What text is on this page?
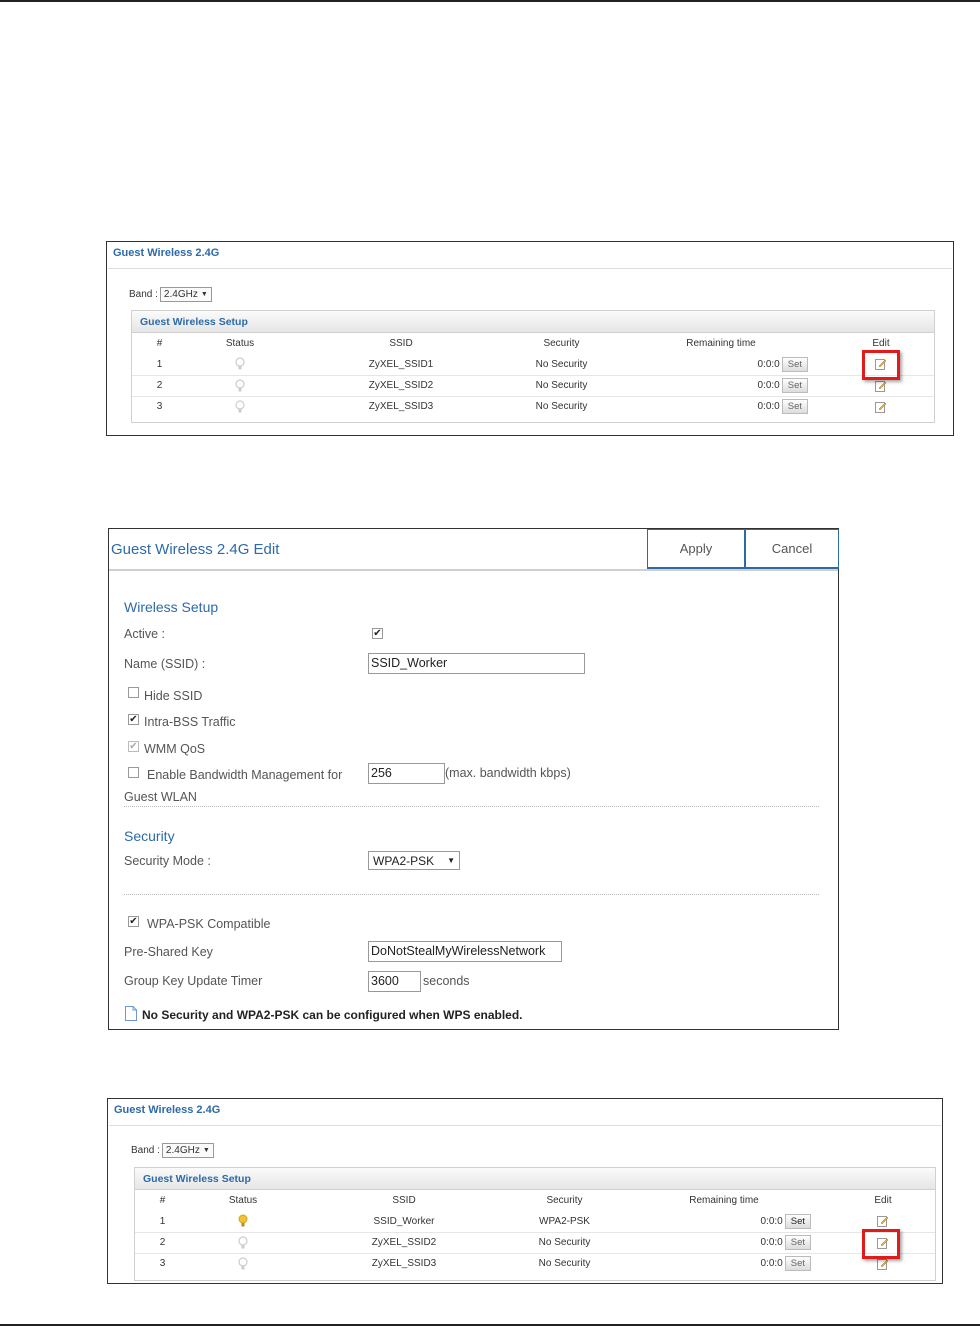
Guest Wireless 2.4G
Band : 2.4GHz ▼
Guest Wireless Setup
#	Status	SSID	Security	Remaining time	Edit
1		ZyXEL_SSID1	No Security	0:0:0 Set	
2		ZyXEL_SSID2	No Security	0:0:0 Set	
3		ZyXEL_SSID3	No Security	0:0:0 Set	
Guest Wireless 2.4G Edit	Apply	Cancel
Wireless Setup
Active :	✔
Name (SSID) :	SSID_Worker
Hide SSID
✔ Intra-BSS Traffic
✔ WMM QoS
Enable Bandwidth Management for
Guest WLAN
256	(max. bandwidth kbps)
Security
Security Mode :	WPA2-PSK ▼
✔ WPA-PSK Compatible
Pre-Shared Key	DoNotStealMyWirelessNetwork
Group Key Update Timer	3600	seconds
No Security and WPA2-PSK can be configured when WPS enabled.
Guest Wireless 2.4G
Band : 2.4GHz ▼
Guest Wireless Setup
#	Status	SSID	Security	Remaining time	Edit
1		SSID_Worker	WPA2-PSK	0:0:0 Set	
2		ZyXEL_SSID2	No Security	0:0:0 Set	
3		ZyXEL_SSID3	No Security	0:0:0 Set	
